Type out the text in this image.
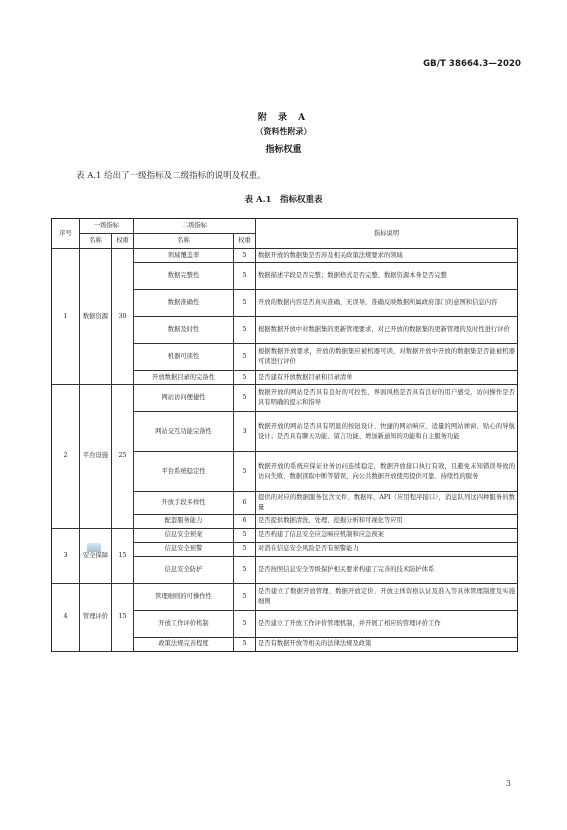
GB/T 38664.3—2020
附 录 A
（资料性附录）
指标权重
表 A.1 给出了一级指标及二级指标的说明及权重。
表 A.1　指标权重表
序号	一级指标		二级指标		指标说明
	名称	权重	名称	权重	
1	数据资源	30	领域覆盖率	5	数据开放的数据集是否涉及相关政策法规要求的领域
			数据完整性	5	数据描述字段是否完整；数据格式是否完整、数据资源本身是否完整
			数据准确性	5	开放的数据内容是否真实准确、无误导，准确反映数据所属政府部门的意图和信息内容
			数据及时性	5	根据数据开放中对数据集的更新管理要求，对已开放的数据集的更新管理的及时性进行评价
			机器可读性	5	根据数据开放要求，开放的数据集应被机器可读，对数据开放中开放的数据集是否能被机器可读进行评价
			开放数据目录的完备性	5	是否建有开放数据目录和目录清单
2	平台设施	25	网站访问便捷性	5	数据开放的网站是否具有良好的可控性，界面风格是否具有良好的用户感受，访问操作是否具有明确的提示和指导
			网站交互功能完备性	3	数据开放的网站是否具有明显的按钮设计、快捷的网站响应、适量的网站弹窗、贴心的导航设计；是否具有聊天功能、留言功能、增加新通知的功能和自主服务功能
			平台系统稳定性	5	数据开放的系统应保证业务访问连续稳定，数据开放接口执行有效，且避免未知错误导致的访问失败、数据读取中断等错误，向公共数据开放使用提供可靠、持续性的服务
			开放手段多样性	6	提供的对应的数据服务包含文件、数据库、API（应用程序接口），消息队列这四种服务的数量
			配套服务能力	6	是否提供数据清洗、处理、挖掘分析和可视化等应用
3	安全保障	15	信息安全预案	5	是否构建了信息安全应急响应机制和应急预案
			信息安全预警	5	对潜在信息安全风险是否有预警能力
			信息安全防护	5	是否按照信息安全等级保护相关要求构建了完善的技术防护体系
4	管理评价	15	管理细则的可操作性	5	是否建立了数据开放管理、数据开放定价、开放主体资格认证及准入等具体管理制度及实施细则
			开放工作评价机制	5	是否建立了开放工作评价管理机制，并开展了相应的管理评价工作
			政策法规完善程度	5	是否有数据开放等相关的法律法规及政策
3
